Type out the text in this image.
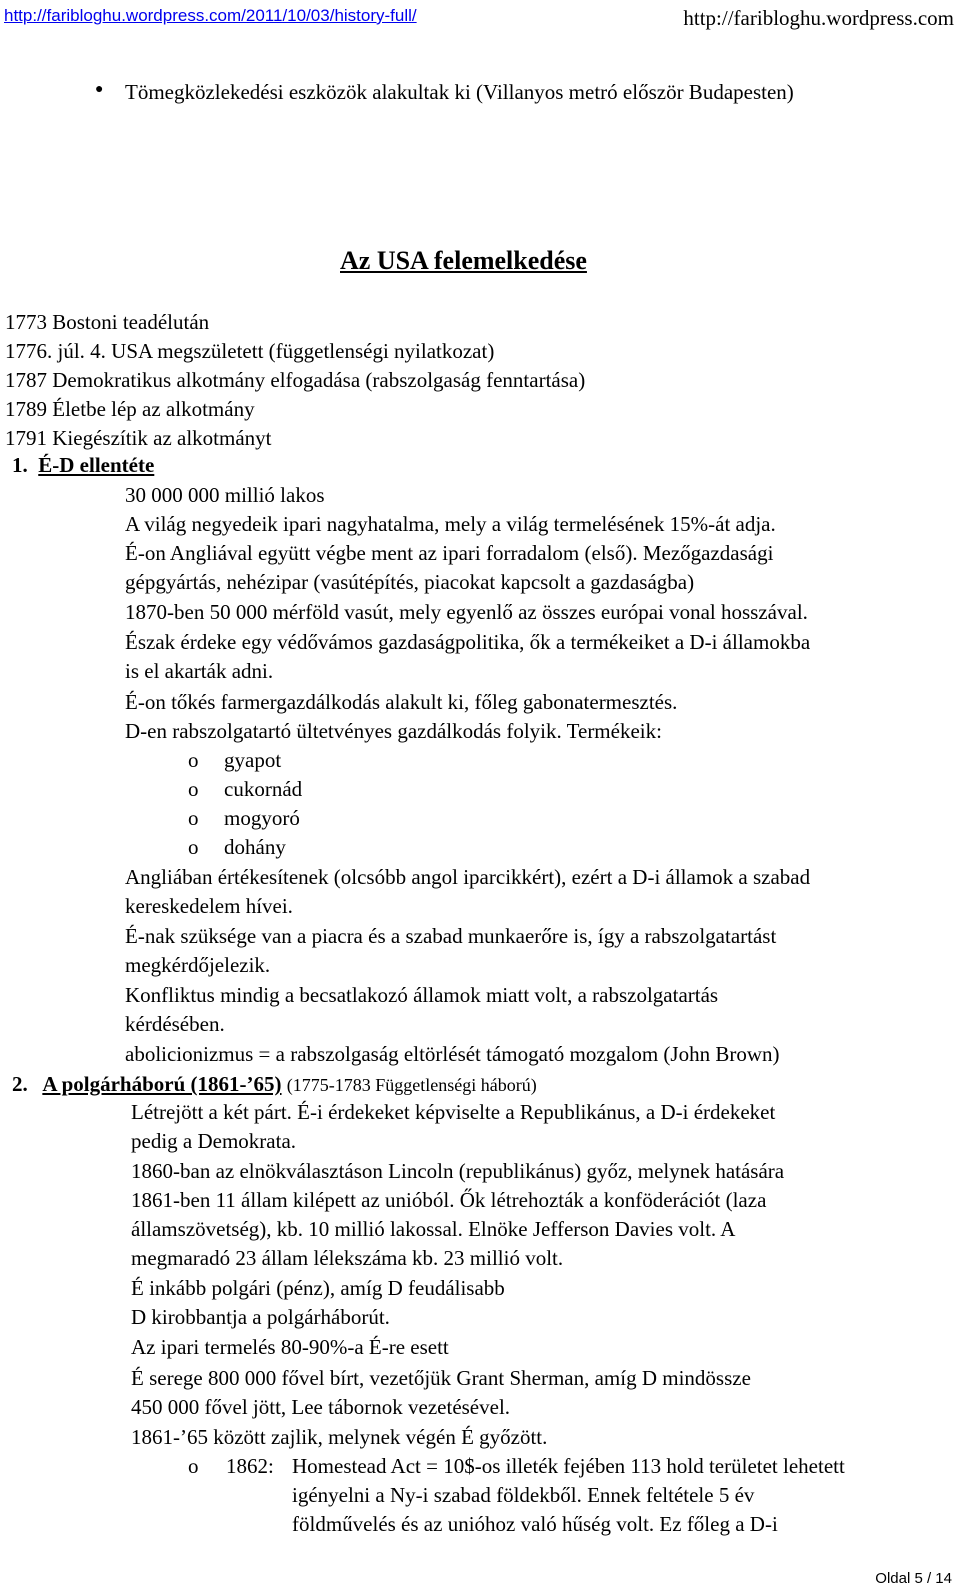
http://faribloghu.wordpress.com/2011/10/03/history-full/	http://faribloghu.wordpress.com
● Tömegközlekedési eszközök alakultak ki (Villanyos metró először Budapesten)
Az USA felemelkedése
1773 Bostoni teadélután
1776. júl. 4. USA megszületett (függetlenségi nyilatkozat)
1787 Demokratikus alkotmány elfogadása (rabszolgaság fenntartása)
1789 Életbe lép az alkotmány
1791 Kiegészítik az alkotmányt
1. É-D ellentéte
30 000 000 millió lakos
A világ negyedeik ipari nagyhatalma, mely a világ termelésének 15%-át adja.
É-on Angliával együtt végbe ment az ipari forradalom (első). Mezőgazdasági
gépgyártás, nehézipar (vasútépítés, piacokat kapcsolt a gazdaságba)
1870-ben 50 000 mérföld vasút, mely egyenlő az összes európai vonal hosszával.
Észak érdeke egy védővámos gazdaságpolitika, ők a termékeiket a D-i államokba
is el akarták adni.
É-on tőkés farmergazdálkodás alakult ki, főleg gabonatermesztés.
D-en rabszolgatartó ültetvényes gazdálkodás folyik. Termékeik:
o gyapot
o cukornád
o mogyoró
o dohány
Angliában értékesítenek (olcsóbb angol iparcikkért), ezért a D-i államok a szabad
kereskedelem hívei.
É-nak szüksége van a piacra és a szabad munkaerőre is, így a rabszolgatartást
megkérdőjelezik.
Konfliktus mindig a becsatlakozó államok miatt volt, a rabszolgatartás
kérdésében.
abolicionizmus = a rabszolgaság eltörlését támogató mozgalom (John Brown)
2. A polgárháború (1861-’65) (1775-1783 Függetlenségi háború)
Létrejött a két párt. É-i érdekeket képviselte a Republikánus, a D-i érdekeket
pedig a Demokrata.
1860-ban az elnökválasztáson Lincoln (republikánus) győz, melynek hatására
1861-ben 11 állam kilépett az unióból. Ők létrehozták a konföderációt (laza
államszövetség), kb. 10 millió lakossal. Elnöke Jefferson Davies volt. A
megmaradó 23 állam lélekszáma kb. 23 millió volt.
É inkább polgári (pénz), amíg D feudálisabb
D kirobbantja a polgárháborút.
Az ipari termelés 80-90%-a É-re esett
É serege 800 000 fővel bírt, vezetőjük Grant Sherman, amíg D mindössze
450 000 fővel jött, Lee tábornok vezetésével.
1861-’65 között zajlik, melynek végén É győzött.
o 1862: Homestead Act = 10$-os illeték fejében 113 hold területet lehetett
igényelni a Ny-i szabad földekből. Ennek feltétele 5 év
földművelés és az unióhoz való hűség volt. Ez főleg a D-i
Oldal 5 / 14
